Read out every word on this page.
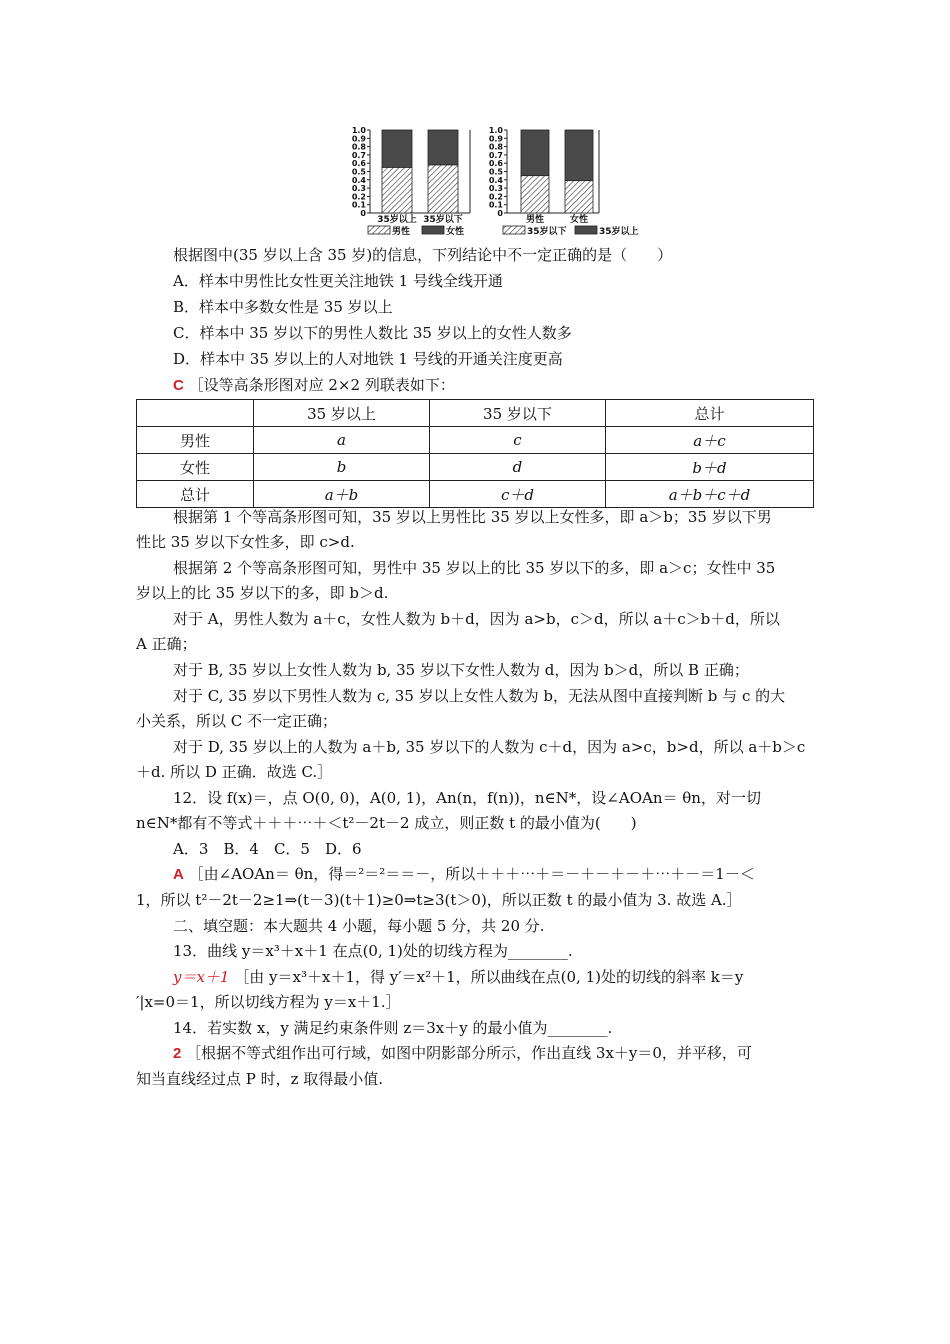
0
0.1
0.2
0.3
0.4
0.5
0.6
0.7
0.8
0.9
1.0
35岁以上 35岁以下
男性	女性
0
0.1
0.2
0.3
0.4
0.5
0.6
0.7
0.8
0.9
1.0
男性	女性
35岁以下	35岁以上
根据图中(35 岁以上含 35 岁)的信息，下列结论中不一定正确的是（　　）
A．样本中男性比女性更关注地铁 1 号线全线开通
B．样本中多数女性是 35 岁以上
C．样本中 35 岁以下的男性人数比 35 岁以上的女性人数多
D．样本中 35 岁以上的人对地铁 1 号线的开通关注度更高
C ［设等高条形图对应 2×2 列联表如下：
	35 岁以上	35 岁以下	总计
男性	a	c	a＋c
女性	b	d	b＋d
总计	a＋b	c＋d	a＋b＋c＋d
根据第 1 个等高条形图可知，35 岁以上男性比 35 岁以上女性多，即 a＞b；35 岁以下男
性比 35 岁以下女性多，即 c>d.
根据第 2 个等高条形图可知，男性中 35 岁以上的比 35 岁以下的多，即 a＞c；女性中 35
岁以上的比 35 岁以下的多，即 b＞d.
对于 A，男性人数为 a＋c，女性人数为 b＋d，因为 a>b，c＞d，所以 a＋c＞b＋d，所以
A 正确；
对于 B, 35 岁以上女性人数为 b, 35 岁以下女性人数为 d，因为 b＞d，所以 B 正确；
对于 C, 35 岁以下男性人数为 c, 35 岁以上女性人数为 b，无法从图中直接判断 b 与 c 的大
小关系，所以 C 不一定正确；
对于 D, 35 岁以上的人数为 a＋b, 35 岁以下的人数为 c＋d，因为 a>c，b>d，所以 a＋b＞c
＋d. 所以 D 正确．故选 C.］
12．设 f(x)＝，点 O(0, 0)，A(0, 1)，An(n，f(n))，n∈N*，设∠AOAn＝ θn，对一切
n∈N*都有不等式＋＋＋⋯＋＜t²－2t－2 成立，则正数 t 的最小值为(　　)
A．3　B．4　C．5　D．6
A ［由∠AOAn＝ θn，得＝²＝²＝＝－，所以＋＋＋⋯＋＝－＋－＋－＋⋯＋－＝1－＜
1，所以 t²－2t－2≥1⇒(t－3)(t＋1)≥0⇒t≥3(t＞0)，所以正数 t 的最小值为 3. 故选 A.］
二、填空题：本大题共 4 小题，每小题 5 分，共 20 分.
13．曲线 y＝x³＋x＋1 在点(0, 1)处的切线方程为________.
y＝x＋1 ［由 y＝x³＋x＋1，得 y′＝x²＋1，所以曲线在点(0, 1)处的切线的斜率 k＝y
′|x=0＝1，所以切线方程为 y＝x＋1.］
14．若实数 x，y 满足约束条件则 z＝3x＋y 的最小值为________.
2 ［根据不等式组作出可行域，如图中阴影部分所示，作出直线 3x＋y＝0，并平移，可
知当直线经过点 P 时，z 取得最小值.
